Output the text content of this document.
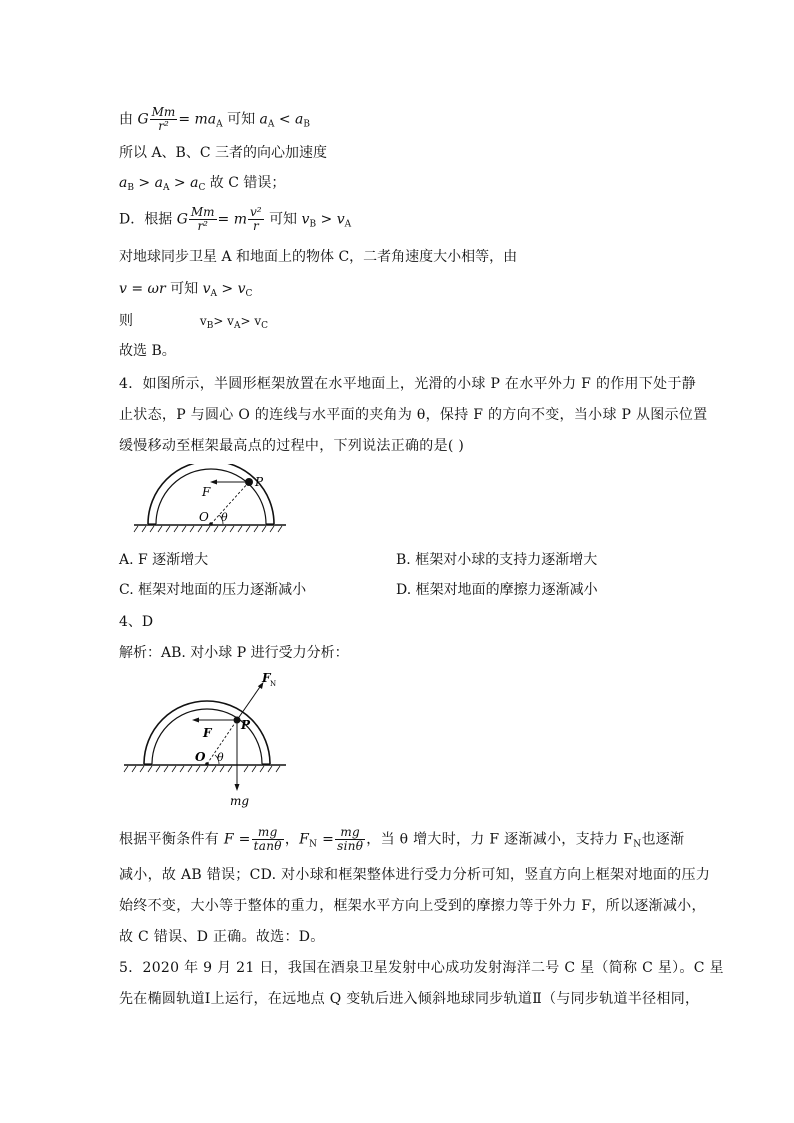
由 G $\frac{Mm}{\text{r²}} = ma_A$ 可知 $a_A < a_B$
所以 A、B、C 三者的向心加速度
$a_B > a_A > a_C$ 故 C 错误；
D．根据 G $\frac{Mm}{\text{r²}} = m \frac{\text{v²}}{r}$ 可知 $v_B > v_A$
对地球同步卫星 A 和地面上的物体 C，二者角速度大小相等，由
v = ωr 可知 $v_A > v_C$
则	$v_B> v_A> v_C$
故选 B。
4．如图所示，半圆形框架放置在水平地面上，光滑的小球 P 在水平外力 F 的作用下处于静
止状态，P 与圆心 O 的连线与水平面的夹角为 θ，保持 F 的方向不变，当小球 P 从图示位置
缓慢移动至框架最高点的过程中，下列说法正确的是( )
P
F
O θ
A. F 逐渐增大	B. 框架对小球的支持力逐渐增大
C. 框架对地面的压力逐渐减小	D. 框架对地面的摩擦力逐渐减小
4、D
解析：AB. 对小球 P 进行受力分析：
P
F
O θ
F N
mg
根据平衡条件有 $F = \frac{mg}{\tan\theta}$ ，$F_N = \frac{mg}{\sin\theta}$ ，当 θ 增大时，力 F 逐渐减小，支持力 $F_N$也逐渐
减小，故 AB 错误；CD. 对小球和框架整体进行受力分析可知，竖直方向上框架对地面的压力
始终不变，大小等于整体的重力，框架水平方向上受到的摩擦力等于外力 F，所以逐渐减小，
故 C 错误、D 正确。故选：D。
5．2020 年 9 月 21 日，我国在酒泉卫星发射中心成功发射海洋二号 C 星（简称 C 星）。C 星
先在椭圆轨道Ⅰ上运行，在远地点 Q 变轨后进入倾斜地球同步轨道Ⅱ（与同步轨道半径相同，
